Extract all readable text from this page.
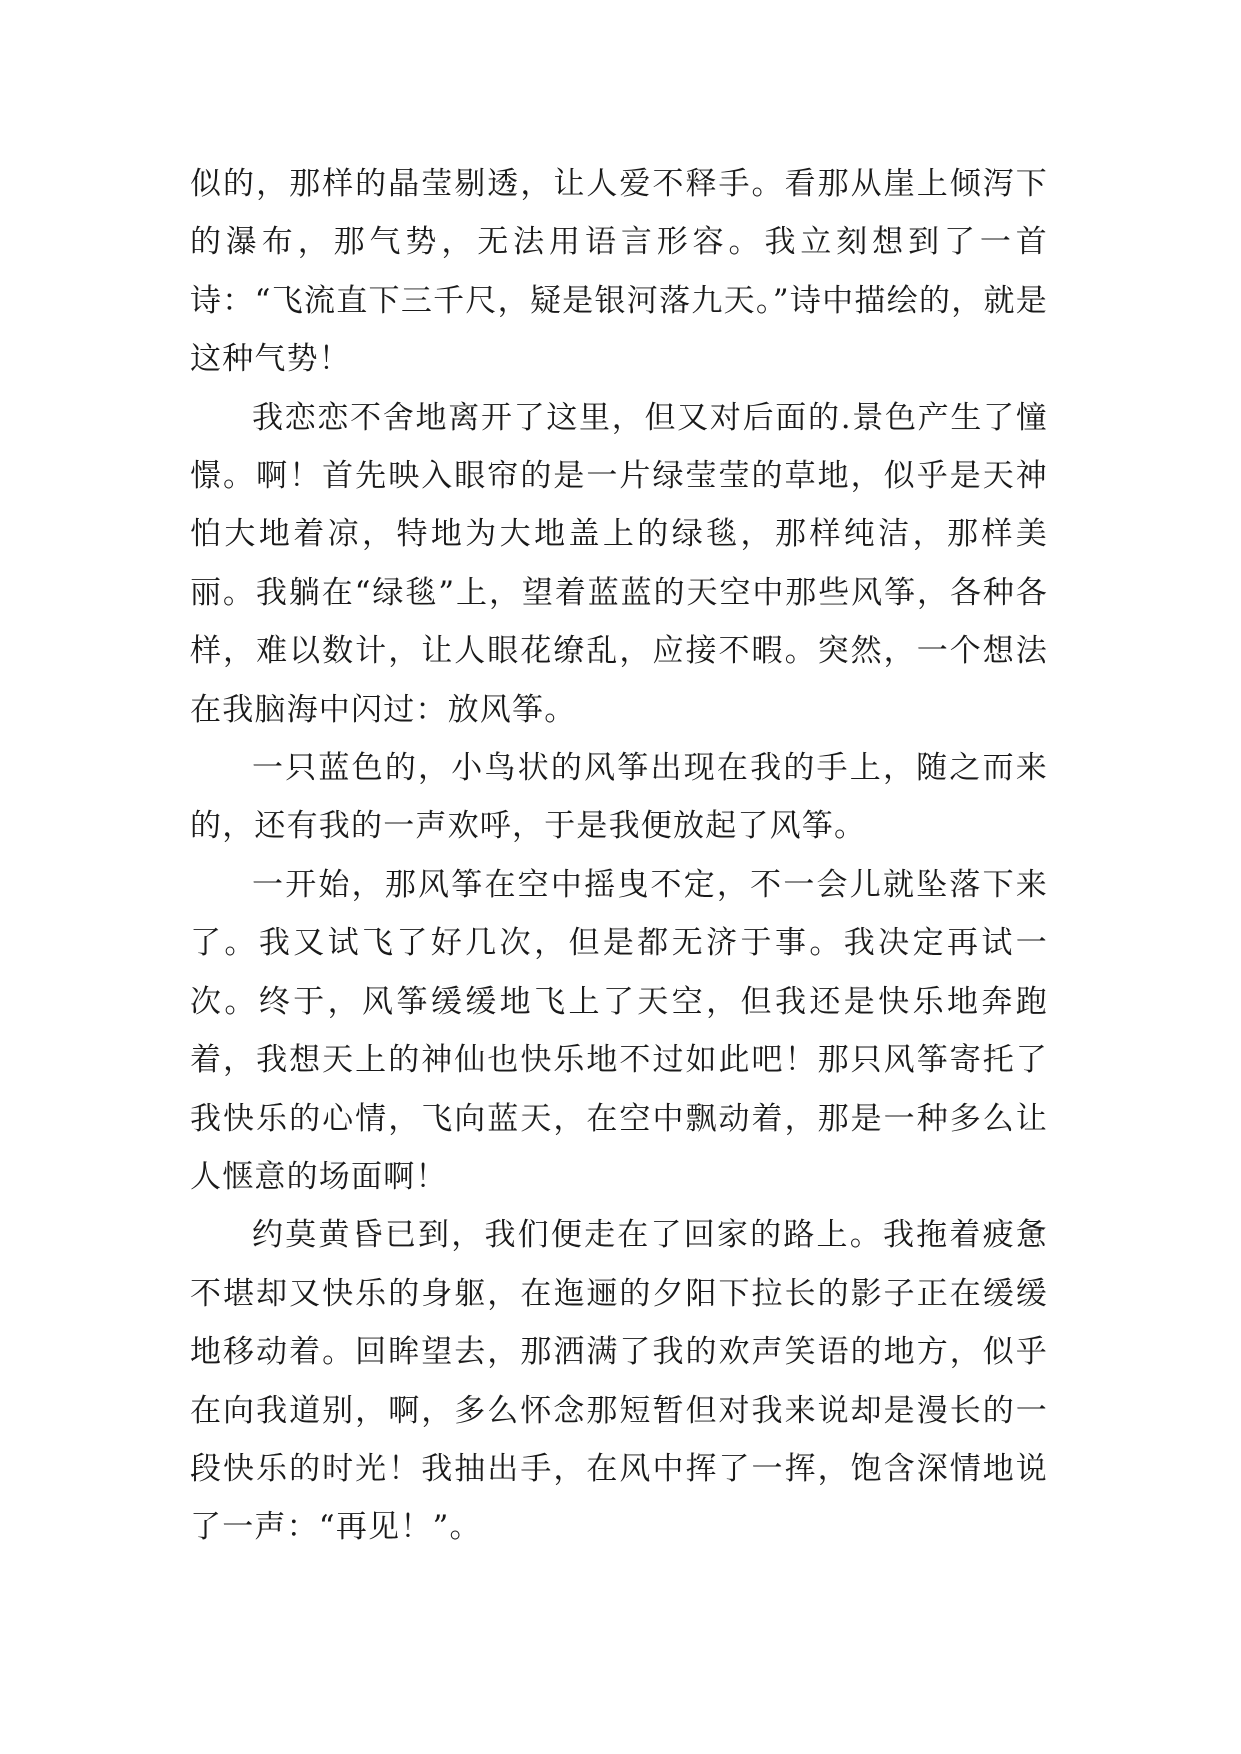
似的，那样的晶莹剔透，让人爱不释手。看那从崖上倾泻下的瀑布，那气势，无法用语言形容。我立刻想到了一首诗：“飞流直下三千尺，疑是银河落九天。”诗中描绘的，就是这种气势！

我恋恋不舍地离开了这里，但又对后面的.景色产生了憧憬。啊！首先映入眼帘的是一片绿莹莹的草地，似乎是天神怕大地着凉，特地为大地盖上的绿毯，那样纯洁，那样美丽。我躺在“绿毯”上，望着蓝蓝的天空中那些风筝，各种各样，难以数计，让人眼花缭乱，应接不暇。突然，一个想法在我脑海中闪过：放风筝。

一只蓝色的，小鸟状的风筝出现在我的手上，随之而来的，还有我的一声欢呼，于是我便放起了风筝。

一开始，那风筝在空中摇曳不定，不一会儿就坠落下来了。我又试飞了好几次，但是都无济于事。我决定再试一次。终于，风筝缓缓地飞上了天空，但我还是快乐地奔跑着，我想天上的神仙也快乐地不过如此吧！那只风筝寄托了我快乐的心情，飞向蓝天，在空中飘动着，那是一种多么让人惬意的场面啊！

约莫黄昏已到，我们便走在了回家的路上。我拖着疲惫不堪却又快乐的身躯，在迤逦的夕阳下拉长的影子正在缓缓地移动着。回眸望去，那洒满了我的欢声笑语的地方，似乎在向我道别，啊，多么怀念那短暂但对我来说却是漫长的一段快乐的时光！我抽出手，在风中挥了一挥，饱含深情地说了一声：“再见！”。
